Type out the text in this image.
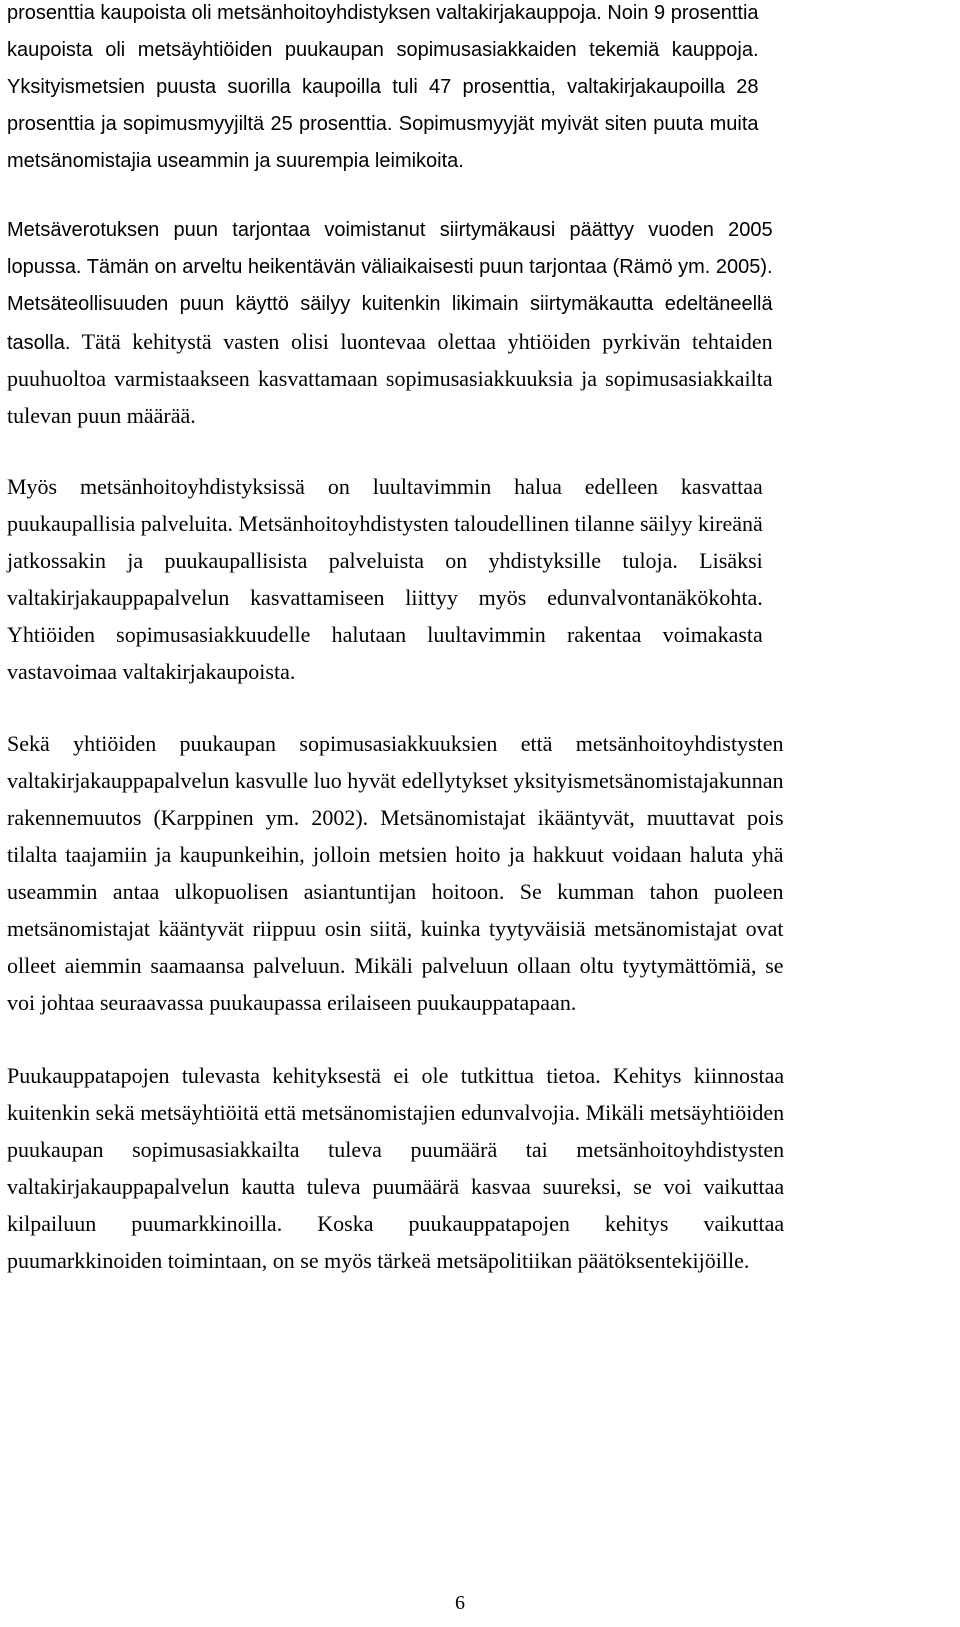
prosenttia kaupoista oli metsänhoitoyhdistyksen valtakirjakauppoja. Noin 9 prosenttia
kaupoista oli metsäyhtiöiden puukaupan sopimusasiakkaiden tekemiä kauppoja.
Yksityismetsien puusta suorilla kaupoilla tuli 47 prosenttia, valtakirjakaupoilla 28
prosenttia ja sopimusmyyjiltä 25 prosenttia. Sopimusmyyjät myivät siten puuta muita
metsänomistajia useammin ja suurempia leimikoita.
Metsäverotuksen puun tarjontaa voimistanut siirtymäkausi päättyy vuoden 2005
lopussa. Tämän on arveltu heikentävän väliaikaisesti puun tarjontaa (Rämö ym. 2005).
Metsäteollisuuden puun käyttö säilyy kuitenkin likimain siirtymäkautta edeltäneellä
tasolla. Tätä kehitystä vasten olisi luontevaa olettaa yhtiöiden pyrkivän tehtaiden
puuhuoltoa varmistaakseen kasvattamaan sopimusasiakkuuksia ja sopimusasiakkailta
tulevan puun määrää.
Myös metsänhoitoyhdistyksissä on luultavimmin halua edelleen kasvattaa
puukaupallisia palveluita. Metsänhoitoyhdistysten taloudellinen tilanne säilyy kireänä
jatkossakin ja puukaupallisista palveluista on yhdistyksille tuloja. Lisäksi
valtakirjakauppapalvelun kasvattamiseen liittyy myös edunvalvontanäkökohta.
Yhtiöiden sopimusasiakkuudelle halutaan luultavimmin rakentaa voimakasta
vastavoimaa valtakirjakaupoista.
Sekä yhtiöiden puukaupan sopimusasiakkuuksien että metsänhoitoyhdistysten
valtakirjakauppapalvelun kasvulle luo hyvät edellytykset yksityismetsänomistajakunnan
rakennemuutos (Karppinen ym. 2002). Metsänomistajat ikääntyvät, muuttavat pois
tilalta taajamiin ja kaupunkeihin, jolloin metsien hoito ja hakkuut voidaan haluta yhä
useammin antaa ulkopuolisen asiantuntijan hoitoon. Se kumman tahon puoleen
metsänomistajat kääntyvät riippuu osin siitä, kuinka tyytyväisiä metsänomistajat ovat
olleet aiemmin saamaansa palveluun. Mikäli palveluun ollaan oltu tyytymättömiä, se
voi johtaa seuraavassa puukaupassa erilaiseen puukauppatapaan.
Puukauppatapojen tulevasta kehityksestä ei ole tutkittua tietoa. Kehitys kiinnostaa
kuitenkin sekä metsäyhtiöitä että metsänomistajien edunvalvojia. Mikäli metsäyhtiöiden
puukaupan sopimusasiakkailta tuleva puumäärä tai metsänhoitoyhdistysten
valtakirjakauppapalvelun kautta tuleva puumäärä kasvaa suureksi, se voi vaikuttaa
kilpailuun puumarkkinoilla. Koska puukauppatapojen kehitys vaikuttaa
puumarkkinoiden toimintaan, on se myös tärkeä metsäpolitiikan päätöksentekijöille.
6
